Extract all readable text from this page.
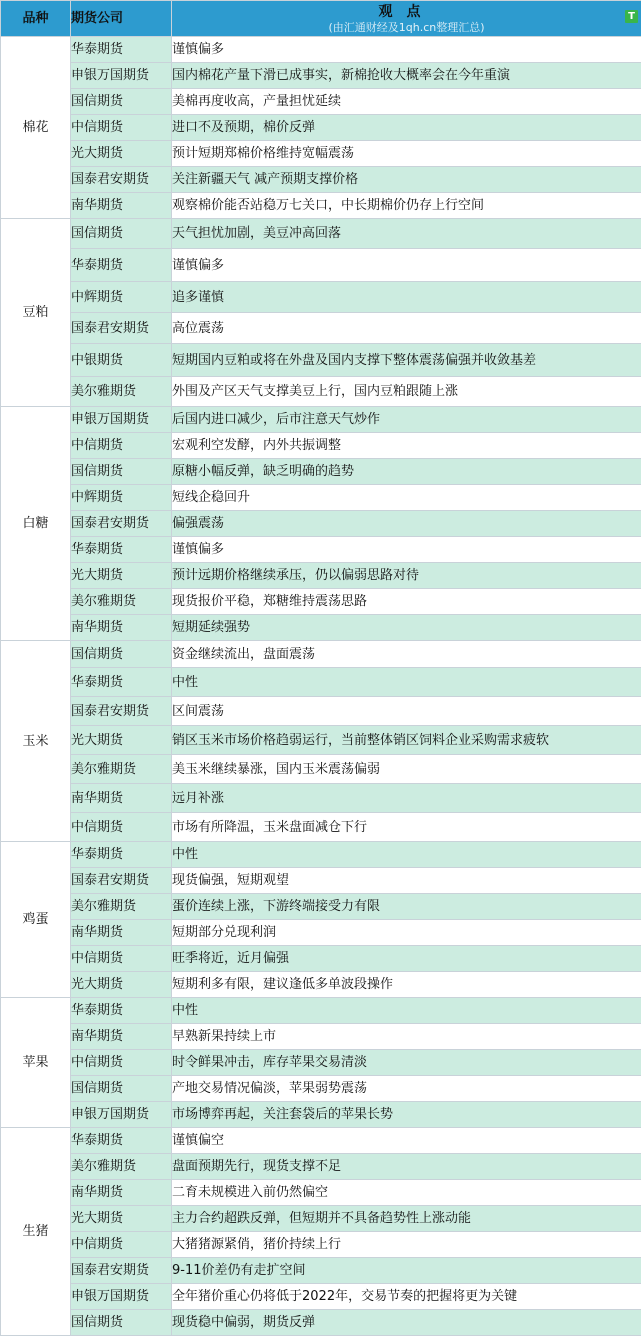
品种	期货公司	观点
(由汇通财经及1qh.cn整理汇总)
T

棉花	华泰期货	谨慎偏多
	申银万国期货	国内棉花产量下滑已成事实，新棉抢收大概率会在今年重演
	国信期货	美棉再度收高，产量担忧延续
	中信期货	进口不及预期，棉价反弹
	光大期货	预计短期郑棉价格维持宽幅震荡
	国泰君安期货	关注新疆天气 减产预期支撑价格
	南华期货	观察棉价能否站稳万七关口，中长期棉价仍存上行空间
豆粕	国信期货	天气担忧加剧，美豆冲高回落
	华泰期货	谨慎偏多
	中辉期货	追多谨慎
	国泰君安期货	高位震荡
	中银期货	短期国内豆粕或将在外盘及国内支撑下整体震荡偏强并收敛基差
	美尔雅期货	外围及产区天气支撑美豆上行，国内豆粕跟随上涨
白糖	申银万国期货	后国内进口减少，后市注意天气炒作
	中信期货	宏观利空发酵，内外共振调整
	国信期货	原糖小幅反弹，缺乏明确的趋势
	中辉期货	短线企稳回升
	国泰君安期货	偏强震荡
	华泰期货	谨慎偏多
	光大期货	预计远期价格继续承压，仍以偏弱思路对待
	美尔雅期货	现货报价平稳，郑糖维持震荡思路
	南华期货	短期延续强势
玉米	国信期货	资金继续流出，盘面震荡
	华泰期货	中性
	国泰君安期货	区间震荡
	光大期货	销区玉米市场价格趋弱运行，当前整体销区饲料企业采购需求疲软
	美尔雅期货	美玉米继续暴涨，国内玉米震荡偏弱
	南华期货	远月补涨
	中信期货	市场有所降温，玉米盘面减仓下行
鸡蛋	华泰期货	中性
	国泰君安期货	现货偏强，短期观望
	美尔雅期货	蛋价连续上涨，下游终端接受力有限
	南华期货	短期部分兑现利润
	中信期货	旺季将近，近月偏强
	光大期货	短期利多有限，建议逢低多单波段操作
苹果	华泰期货	中性
	南华期货	早熟新果持续上市
	中信期货	时令鲜果冲击，库存苹果交易清淡
	国信期货	产地交易情况偏淡，苹果弱势震荡
	申银万国期货	市场博弈再起，关注套袋后的苹果长势
生猪	华泰期货	谨慎偏空
	美尔雅期货	盘面预期先行，现货支撑不足
	南华期货	二育未规模进入前仍然偏空
	光大期货	主力合约超跌反弹，但短期并不具备趋势性上涨动能
	中信期货	大猪猪源紧俏，猪价持续上行
	国泰君安期货	9-11价差仍有走扩空间
	申银万国期货	全年猪价重心仍将低于2022年，交易节奏的把握将更为关键
	国信期货	现货稳中偏弱，期货反弹
